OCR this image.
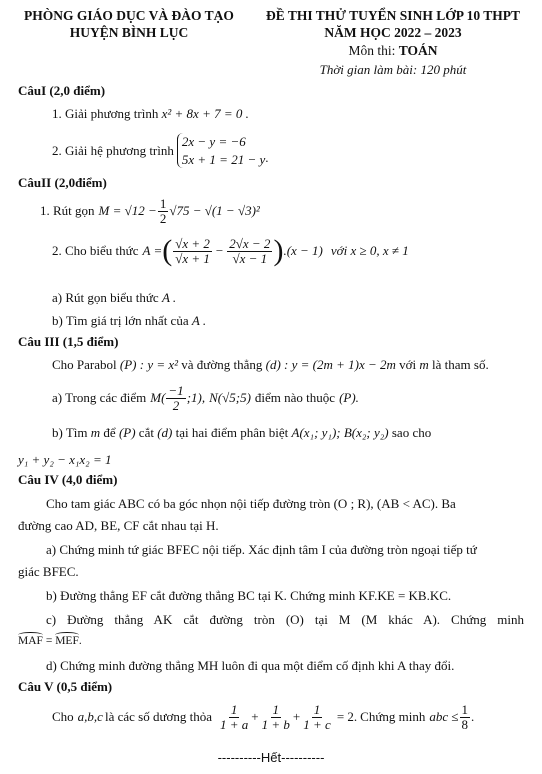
PHÒNG GIÁO DỤC VÀ ĐÀO TẠO
HUYỆN BÌNH LỤC
ĐỀ THI THỬ TUYỂN SINH LỚP 10 THPT
NĂM HỌC 2022 – 2023
Môn thi: TOÁN
Thời gian làm bài: 120 phút
CâuI (2,0 điểm)
1. Giải phương trình x² + 8x + 7 = 0 .
2. Giải hệ phương trình
2x − y = −6
5x + 1 = 21 − y .
CâuII (2,0điểm)
1. Rút gọn $M = √12 - \frac{1}{2} √75 - √(1 - √3)^2$
2. Cho biểu thức A = ( $\frac{√x + 2}{√x + 1} - \frac{2√x - 2}{√x - 1}$ ) .(x − 1) với x ≥ 0, x ≠ 1
a) Rút gọn biểu thức A .
b) Tìm giá trị lớn nhất của A .
Câu III (1,5 điểm)
Cho Parabol (P) : y = x² và đường thẳng (d) : y = (2m + 1)x − 2m với m là tham số.
a) Trong các điểm $M( \frac{-1}{2}$ ;1), N(√5;5) điểm nào thuộc (P).
b) Tìm m để (P) cắt (d) tại hai điểm phân biệt A(x₁; y₁); B(x₂; y₂) sao cho
y₁ + y₂ − x₁x₂ = 1
Câu IV (4,0 điểm)
Cho tam giác ABC có ba góc nhọn nội tiếp đường tròn (O ; R), (AB < AC). Ba
đường cao AD, BE, CF cắt nhau tại H.
a) Chứng minh tứ giác BFEC nội tiếp. Xác định tâm I của đường tròn ngoại tiếp tứ
giác BFEC.
b) Đường thẳng EF cắt đường thẳng BC tại K. Chứng minh KF.KE = KB.KC.
c) Đường thẳng AK cắt đường tròn (O) tại M (M khác A). Chứng minh
MAF = MEF.
d) Chứng minh đường thẳng MH luôn đi qua một điểm cố định khi A thay đổi.
Câu V (0,5 điểm)
Cho a,b,c là các số dương thỏa $\frac{1}{1 + a} + \frac{1}{1 + b} + \frac{1}{1 + c} = 2$. Chứng minh abc ≤ $\frac{1}{8}$ .
----------Hết----------
